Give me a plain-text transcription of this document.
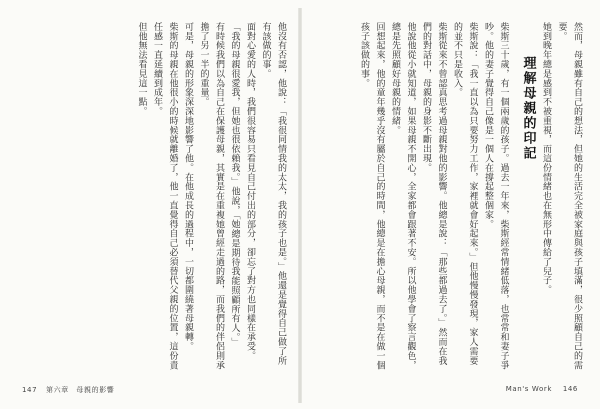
他沒有否認，他說：「我很同情我的太太，我的孩子也是。」他還是覺得自己做了所有該做的事。

面對心愛的人時，我們很容易只看見自己付出的部分，卻忘了對方也同樣在承受。

「我的母親很愛我，但她也很依賴我。」他說，「她總是期待我能照顧所有人。」

有時候我們以為自己在保護母親，其實是在重複她曾經走過的路，而我們的伴侶則承擔了另一半的重量。

可是，母親的形象深深地影響了他。在他成長的過程中，一切都圍繞著母親轉。

柴斯的母親在他很小的時候就離婚了，他一直覺得自己必須替代父親的位置，這份責任感一直延續到成年。

但他無法看見這一點。	然而，母親雖有自己的想法，但她的生活完全被家庭與孩子填滿，很少照顧自己的需要。

她到晚年總是感到不被重視，而這份情緒也在無形中傳給了兒子。

理解母親的印記

柴斯三十歲，有一個兩歲的孩子。過去一年來，柴斯經常情緒低落，也常常和妻子爭吵。他的妻子覺得自己像是一個人在撐起整個家。

柴斯說：「我一直以為只要努力工作，家裡就會好起來。」但他慢慢發現，家人需要的並不只是收入。

柴斯從來不曾認真思考過母親對他的影響。他總是說：「那些都過去了。」然而在我們的對話中，母親的身影不斷出現。

他說他從小就知道，如果母親不開心，全家都會跟著不安。所以他學會了察言觀色，總是先照顧好母親的情緒。

回想起來，他的童年幾乎沒有屬於自己的時間，他總是在擔心母親，而不是在做一個孩子該做的事。

147 第六章　母親的影響	Man's Work 146
